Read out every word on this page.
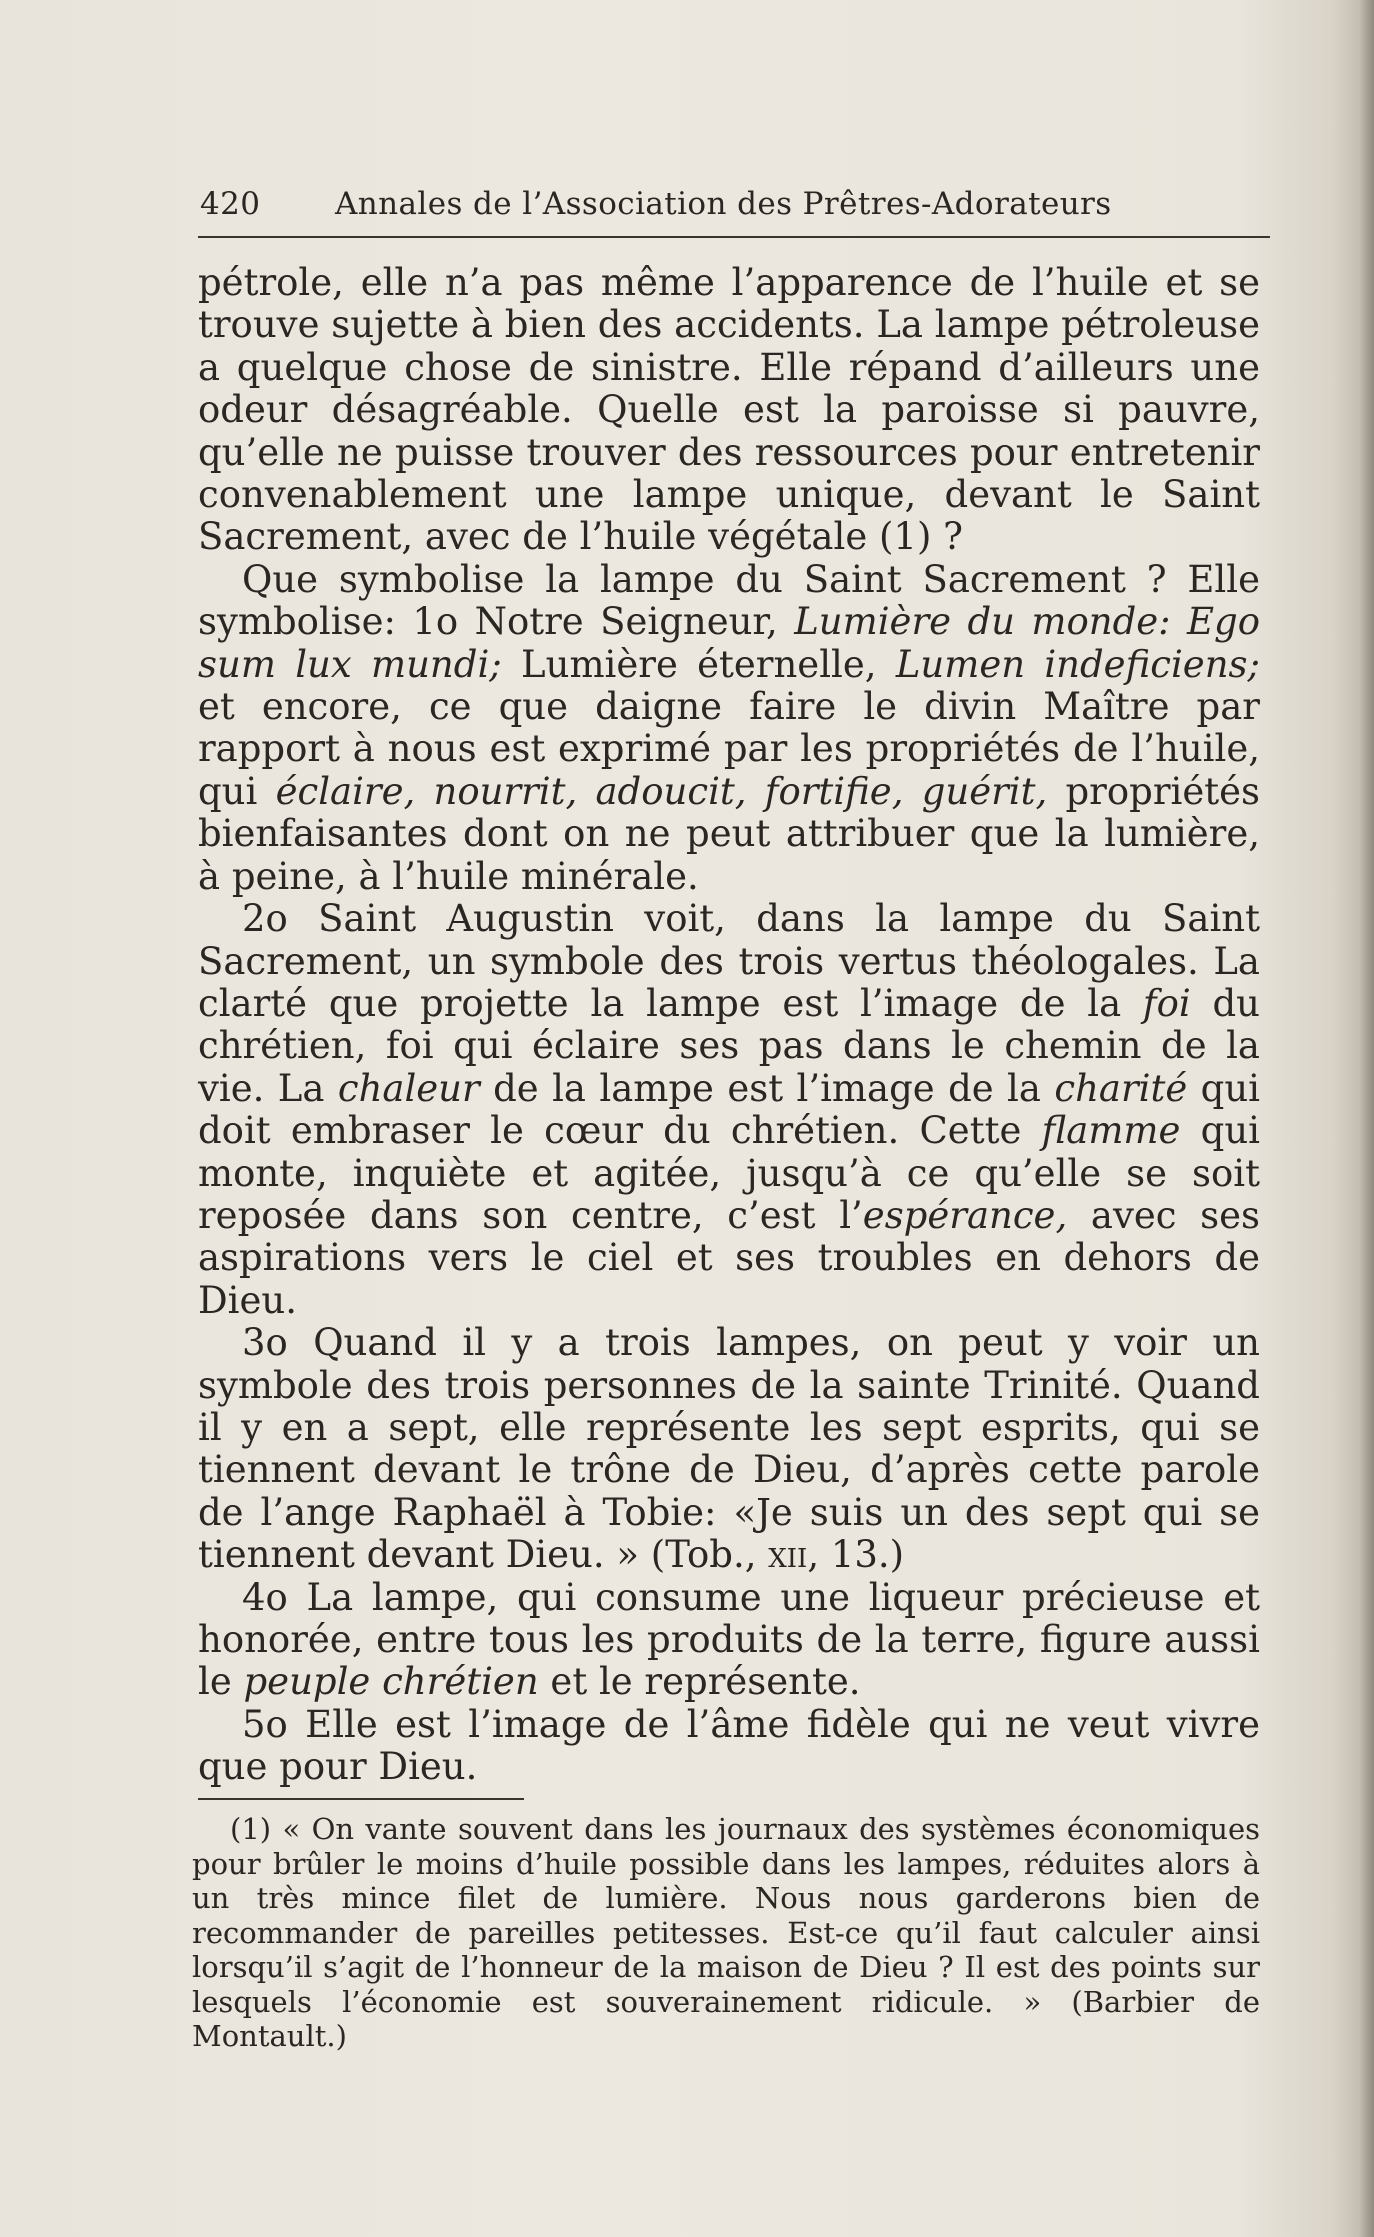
420 Annales de l’Association des Prêtres-Adorateurs

pétrole, elle n’a pas même l’apparence de l’huile et se trouve sujette à bien des accidents. La lampe pétroleuse a quelque chose de sinistre. Elle répand d’ailleurs une odeur désagréable. Quelle est la paroisse si pauvre, qu’elle ne puisse trouver des ressources pour entretenir convenablement une lampe unique, devant le Saint Sacrement, avec de l’huile végétale (1) ?

Que symbolise la lampe du Saint Sacrement ? Elle symbolise: 1o Notre Seigneur, Lumière du monde: Ego sum lux mundi; Lumière éternelle, Lumen indeficiens; et encore, ce que daigne faire le divin Maître par rapport à nous est exprimé par les propriétés de l’huile, qui éclaire, nourrit, adoucit, fortifie, guérit, propriétés bienfaisantes dont on ne peut attribuer que la lumière, à peine, à l’huile minérale.

2o Saint Augustin voit, dans la lampe du Saint Sacrement, un symbole des trois vertus théologales. La clarté que projette la lampe est l’image de la foi du chrétien, foi qui éclaire ses pas dans le chemin de la vie. La chaleur de la lampe est l’image de la charité qui doit embraser le cœur du chrétien. Cette flamme qui monte, inquiète et agitée, jusqu’à ce qu’elle se soit reposée dans son centre, c’est l’espérance, avec ses aspirations vers le ciel et ses troubles en dehors de Dieu.

3o Quand il y a trois lampes, on peut y voir un symbole des trois personnes de la sainte Trinité. Quand il y en a sept, elle représente les sept esprits, qui se tiennent devant le trône de Dieu, d’après cette parole de l’ange Raphaël à Tobie: «Je suis un des sept qui se tiennent devant Dieu. » (Tob., xii, 13.)

4o La lampe, qui consume une liqueur précieuse et honorée, entre tous les produits de la terre, figure aussi le peuple chrétien et le représente.

5o Elle est l’image de l’âme fidèle qui ne veut vivre que pour Dieu.

(1) « On vante souvent dans les journaux des systèmes économiques pour brûler le moins d’huile possible dans les lampes, réduites alors à un très mince filet de lumière. Nous nous garderons bien de recommander de pareilles petitesses. Est-ce qu’il faut calculer ainsi lorsqu’il s’agit de l’honneur de la maison de Dieu ? Il est des points sur lesquels l’économie est souverainement ridicule. » (Barbier de Montault.)
